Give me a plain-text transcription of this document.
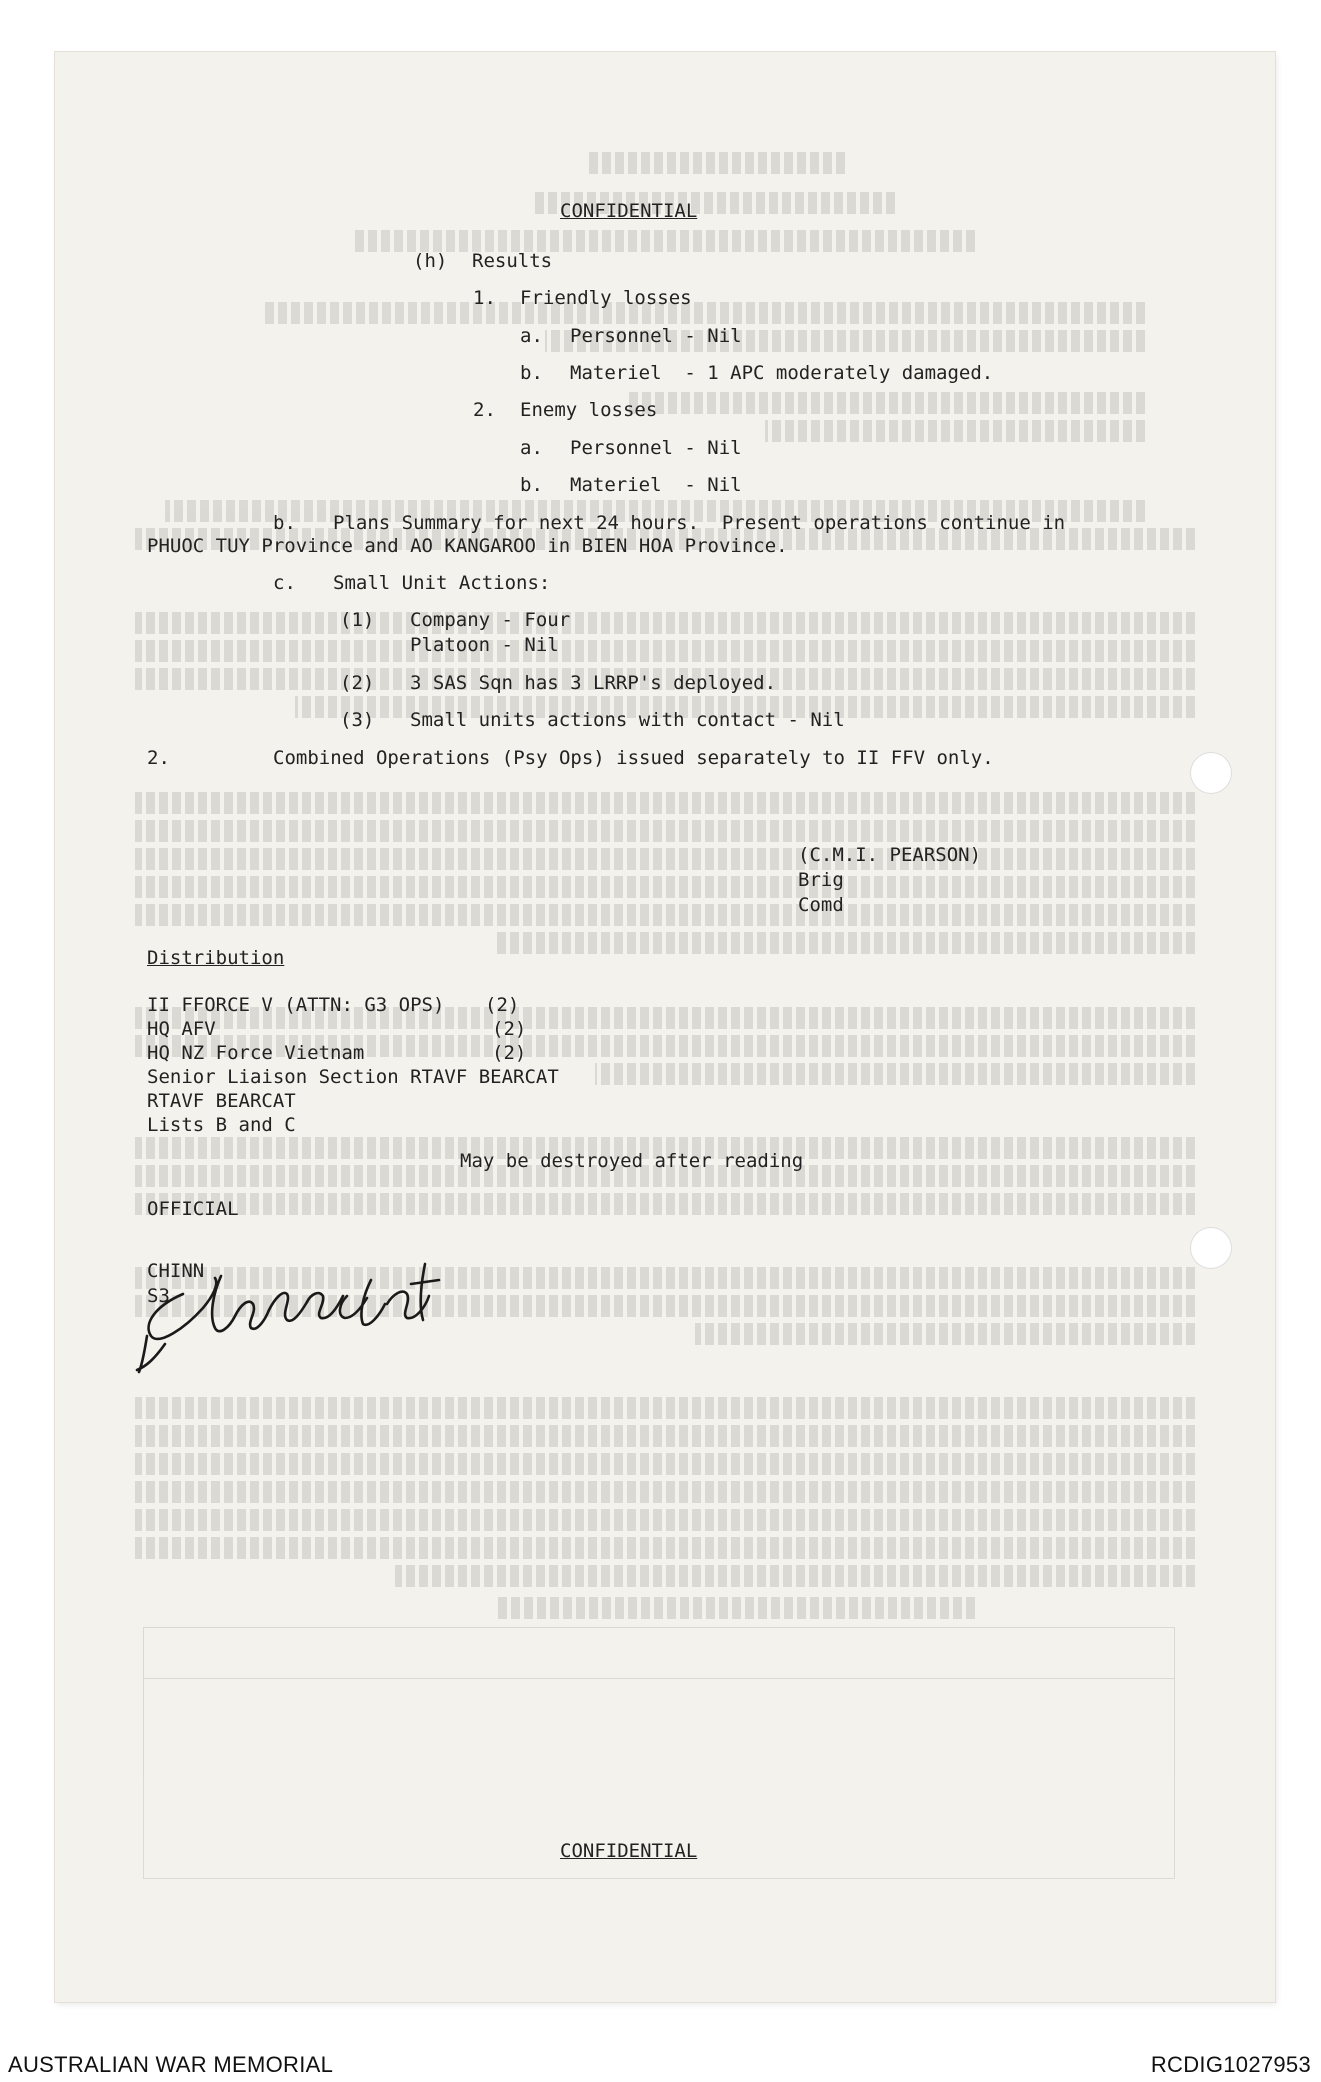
CONFIDENTIAL
(h) Results
1. Friendly losses
a. Personnel - Nil
b. Materiel  - 1 APC moderately damaged.
2. Enemy losses
a. Personnel - Nil
b. Materiel  - Nil
b. Plans Summary for next 24 hours.  Present operations continue in
PHUOC TUY Province and AO KANGAROO in BIEN HOA Province.
c. Small Unit Actions:
(1) Company - Four
Platoon - Nil
(2) 3 SAS Sqn has 3 LRRP's deployed.
(3) Small units actions with contact - Nil
2.	Combined Operations (Psy Ops) issued separately to II FFV only.
(C.M.I. PEARSON)
Brig
Comd
Distribution
II FFORCE V (ATTN: G3 OPS) (2)
HQ AFV	(2)
HQ NZ Force Vietnam	(2)
Senior Liaison Section RTAVF BEARCAT
RTAVF BEARCAT
Lists B and C
May be destroyed after reading
OFFICIAL
CHINN
S3
CONFIDENTIAL
AUSTRALIAN WAR MEMORIAL	RCDIG1027953
